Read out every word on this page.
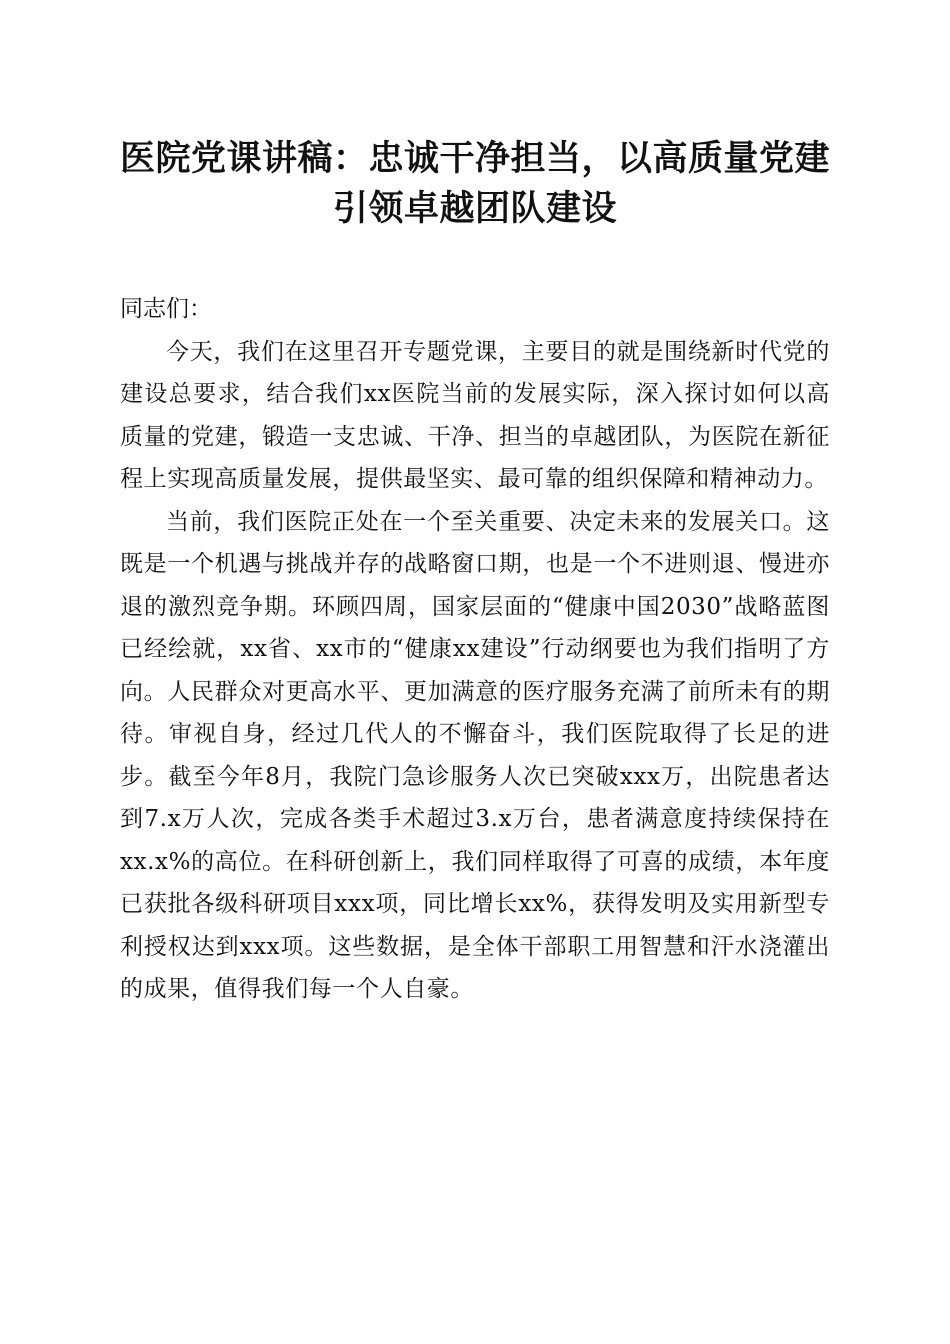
医院党课讲稿：忠诚干净担当，以高质量党建
引领卓越团队建设

同志们：

今天，我们在这里召开专题党课，主要目的就是围绕新时代党的建设总要求，结合我们xx医院当前的发展实际，深入探讨如何以高质量的党建，锻造一支忠诚、干净、担当的卓越团队，为医院在新征程上实现高质量发展，提供最坚实、最可靠的组织保障和精神动力。

当前，我们医院正处在一个至关重要、决定未来的发展关口。这既是一个机遇与挑战并存的战略窗口期，也是一个不进则退、慢进亦退的激烈竞争期。环顾四周，国家层面的“健康中国2030”战略蓝图已经绘就，xx省、xx市的“健康xx建设”行动纲要也为我们指明了方向。人民群众对更高水平、更加满意的医疗服务充满了前所未有的期待。审视自身，经过几代人的不懈奋斗，我们医院取得了长足的进步。截至今年8月，我院门急诊服务人次已突破xxx万，出院患者达到7.x万人次，完成各类手术超过3.x万台，患者满意度持续保持在xx.x%的高位。在科研创新上，我们同样取得了可喜的成绩，本年度已获批各级科研项目xxx项，同比增长xx%，获得发明及实用新型专利授权达到xxx项。这些数据，是全体干部职工用智慧和汗水浇灌出的成果，值得我们每一个人自豪。
